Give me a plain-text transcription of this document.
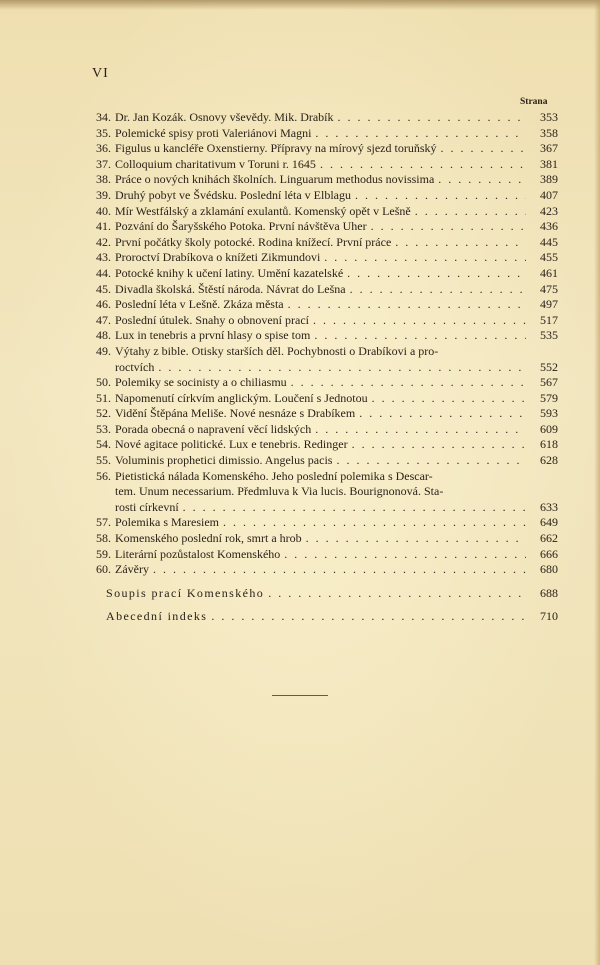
VI
Strana
34. Dr. Jan Kozák. Osnovy vševědy. Mik. Drabík . . .	353
35. Polemické spisy proti Valeriánovi Magni . . .	358
36. Figulus u kancléře Oxenstierny. Přípravy na mírový sjezd toruňský . . .	367
37. Colloquium charitativum v Toruni r. 1645 . . .	381
38. Práce o nových knihách školních. Linguarum methodus novissima . . .	389
39. Druhý pobyt ve Švédsku. Poslední léta v Elblagu . . .	407
40. Mír Westfálský a zklamání exulantů. Komenský opět v Lešně . . .	423
41. Pozvání do Šaryšského Potoka. První návštěva Uher . . .	436
42. První počátky školy potocké. Rodina knížecí. První práce . . .	445
43. Proroctví Drabíkova o knížeti Zikmundovi . . .	455
44. Potocké knihy k učení latiny. Umění kazatelské . . .	461
45. Divadla školská. Štěstí národa. Návrat do Lešna . . .	475
46. Poslední léta v Lešně. Zkáza města . . .	497
47. Poslední útulek. Snahy o obnovení prací . . .	517
48. Lux in tenebris a první hlasy o spise tom . . .	535
49. Výtahy z bible. Otisky starších děl. Pochybnosti o Drabíkovi a pro-
roctvích . . .	552
50. Polemiky se socinisty a o chiliasmu . . .	567
51. Napomenutí církvím anglickým. Loučení s Jednotou . . .	579
52. Vidění Štěpána Meliše. Nové nesnáze s Drabíkem . . .	593
53. Porada obecná o napravení věcí lidských . . .	609
54. Nové agitace politické. Lux e tenebris. Redinger . . .	618
55. Voluminis prophetici dimissio. Angelus pacis . . .	628
56. Pietistická nálada Komenského. Jeho poslední polemika s Descar-
tem. Unum necessarium. Předmluva k Via lucis. Bourignonová. Sta-
rosti církevní . . .	633
57. Polemika s Maresiem . . .	649
58. Komenského poslední rok, smrt a hrob . . .	662
59. Literární pozůstalost Komenského . . .	666
60. Závěry . . .	680
Soupis prací Komenského . . .	688
Abecední indeks . . .	710
